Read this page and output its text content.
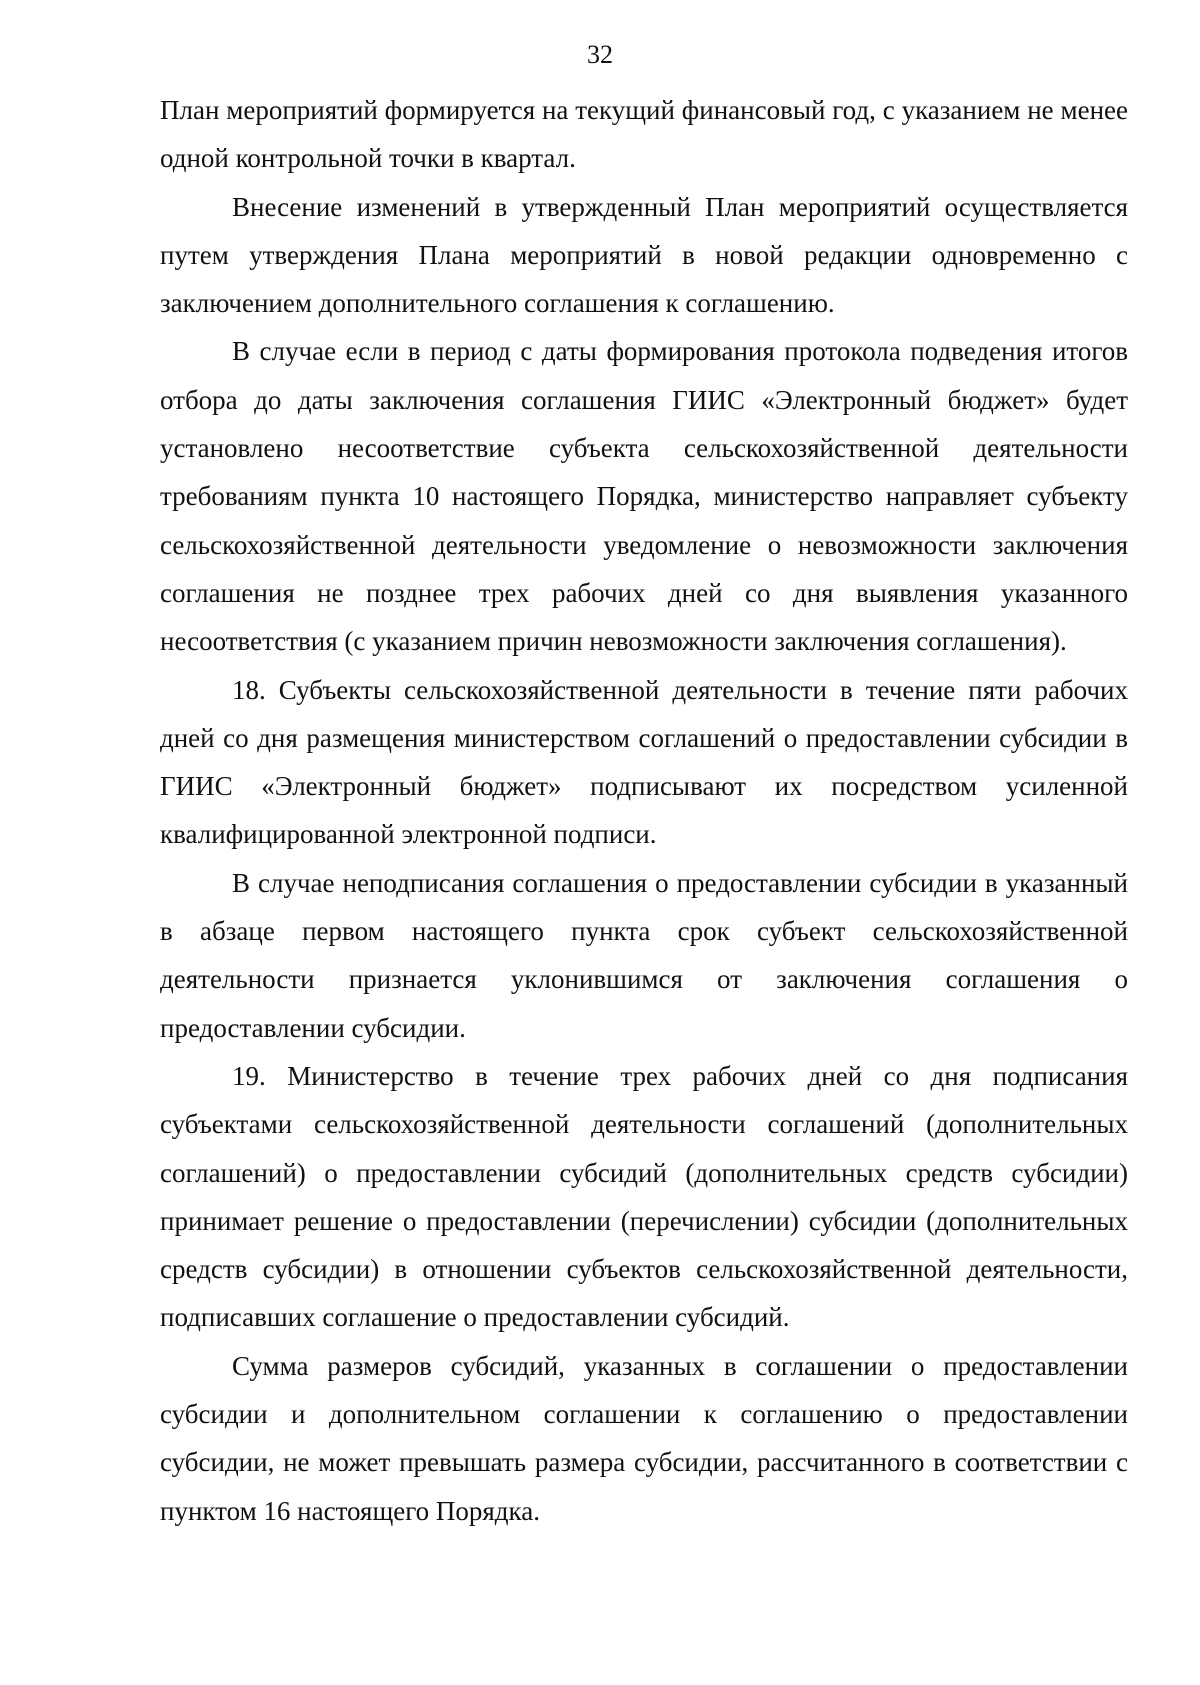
32

План мероприятий формируется на текущий финансовый год, с указанием не менее одной контрольной точки в квартал.

Внесение изменений в утвержденный План мероприятий осуществляется путем утверждения Плана мероприятий в новой редакции одновременно с заключением дополнительного соглашения к соглашению.

В случае если в период с даты формирования протокола подведения итогов отбора до даты заключения соглашения ГИИС «Электронный бюджет» будет установлено несоответствие субъекта сельскохозяйственной деятельности требованиям пункта 10 настоящего Порядка, министерство направляет субъекту сельскохозяйственной деятельности уведомление о невозможности заключения соглашения не позднее трех рабочих дней со дня выявления указанного несоответствия (с указанием причин невозможности заключения соглашения).

18. Субъекты сельскохозяйственной деятельности в течение пяти рабочих дней со дня размещения министерством соглашений о предоставлении субсидии в ГИИС «Электронный бюджет» подписывают их посредством усиленной квалифицированной электронной подписи.

В случае неподписания соглашения о предоставлении субсидии в указанный в абзаце первом настоящего пункта срок субъект сельскохозяйственной деятельности признается уклонившимся от заключения соглашения о предоставлении субсидии.

19. Министерство в течение трех рабочих дней со дня подписания субъектами сельскохозяйственной деятельности соглашений (дополнительных соглашений) о предоставлении субсидий (дополнительных средств субсидии) принимает решение о предоставлении (перечислении) субсидии (дополнительных средств субсидии) в отношении субъектов сельскохозяйственной деятельности, подписавших соглашение о предоставлении субсидий.

Сумма размеров субсидий, указанных в соглашении о предоставлении субсидии и дополнительном соглашении к соглашению о предоставлении субсидии, не может превышать размера субсидии, рассчитанного в соответствии с пунктом 16 настоящего Порядка.
